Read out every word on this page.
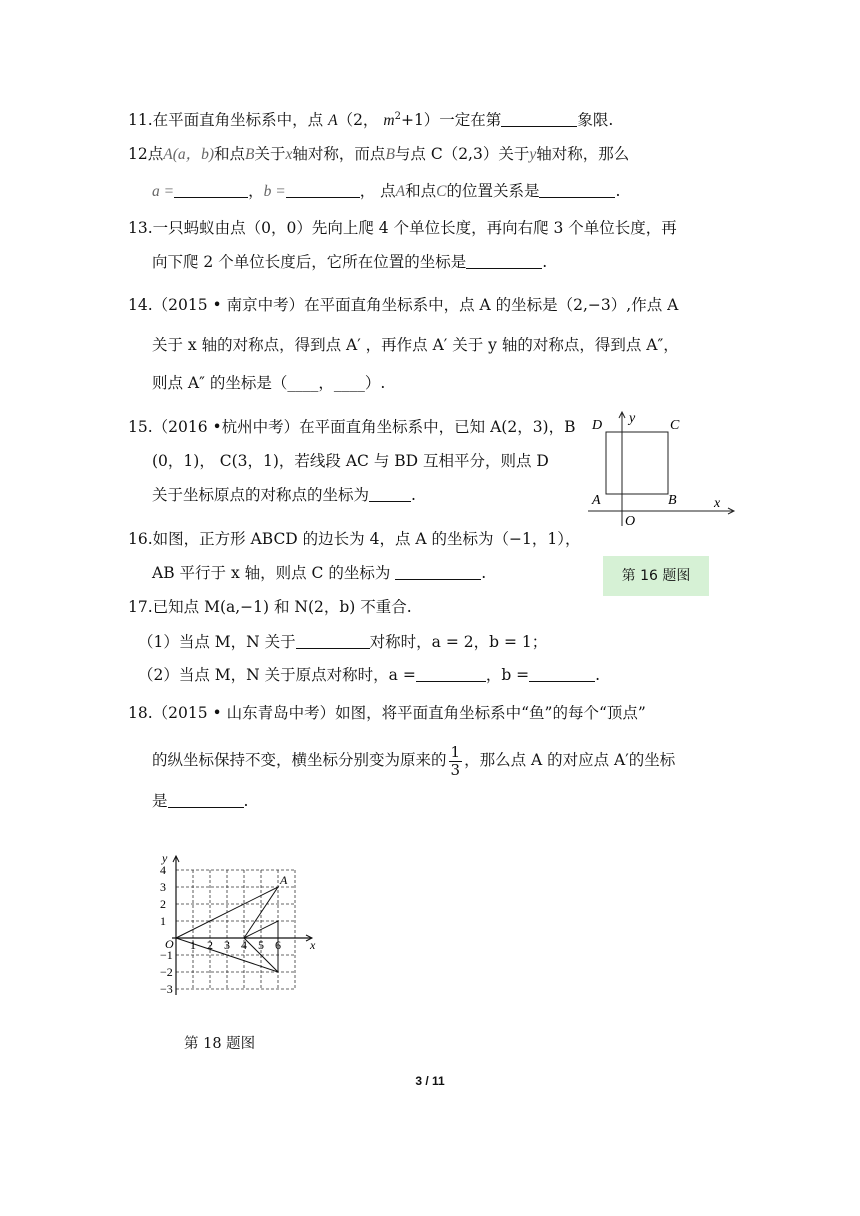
11.在平面直角坐标系中，点 A（2， $m^2+1$）一定在第	象限.
12点A(a，b)和点B关于x轴对称，而点B与点 C（2,3）关于y轴对称，那么
a =	，b =	， 点A和点C的位置关系是	.
13.一只蚂蚁由点（0，0）先向上爬 4 个单位长度，再向右爬 3 个单位长度，再
向下爬 2 个单位长度后，它所在位置的坐标是	.
14.（2015 • 南京中考）在平面直角坐标系中，点 A 的坐标是（2,−3）,作点 A
关于 x 轴的对称点，得到点 A′ ，再作点 A′ 关于 y 轴的对称点，得到点 A″，
则点 A″ 的坐标是（____，____）.
15.（2016 •杭州中考）在平面直角坐标系中，已知 A(2，3)，B
(0，1)， C(3，1)，若线段 AC 与 BD 互相平分，则点 D
关于坐标原点的对称点的坐标为	.
y
D	C
A	B	x
O
第 16 题图
16.如图，正方形 ABCD 的边长为 4，点 A 的坐标为（−1，1），
AB 平行于 x 轴，则点 C 的坐标为	.
17.已知点 M(a,−1) 和 N(2，b) 不重合.
（1）当点 M，N 关于	对称时，a = 2，b = 1；
（2）当点 M，N 关于原点对称时，a =	，b =	.
18.（2015 • 山东青岛中考）如图，将平面直角坐标系中“鱼”的每个“顶点”
的纵坐标保持不变，横坐标分别变为原来的 $\frac{1}{3}$ ，那么点 A 的对应点 A′的坐标
是	.
4
3
2
1
−1
−2
−3
1 2 3 4 5 6
O	x
y
A
第 18 题图
3 / 11
